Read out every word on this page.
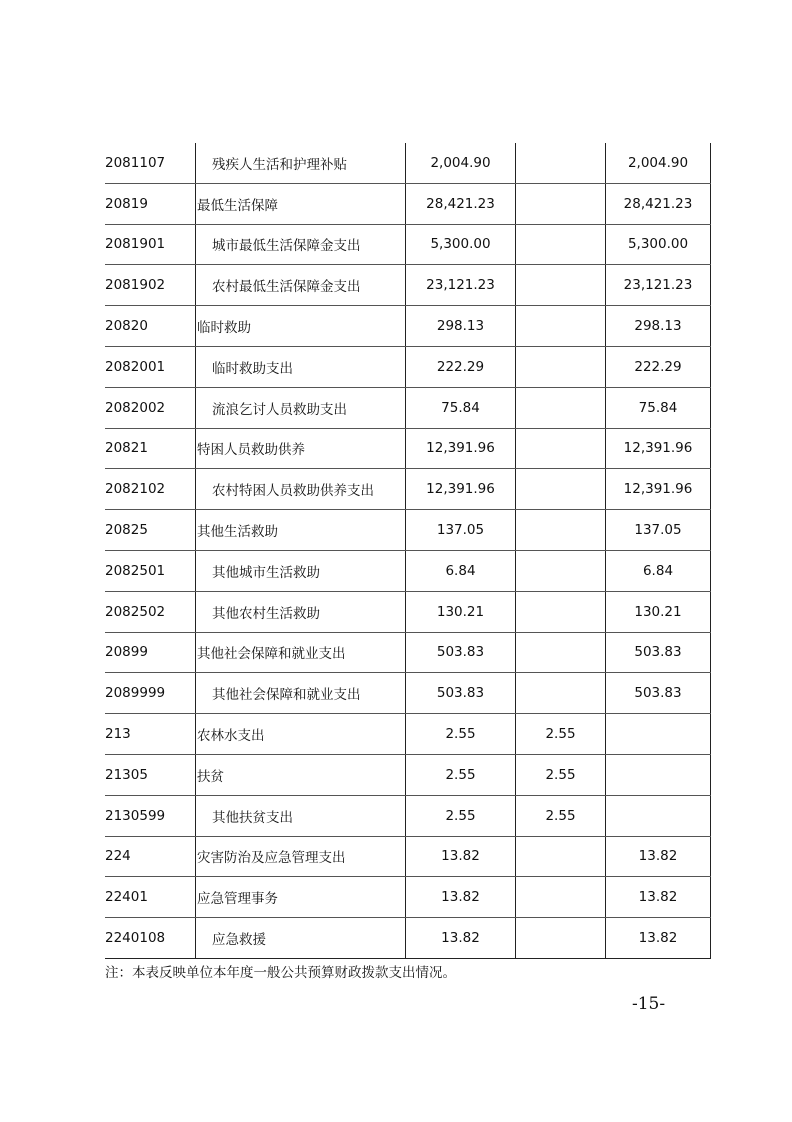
2081107	残疾人生活和护理补贴	2,004.90		2,004.90
20819	最低生活保障	28,421.23		28,421.23
2081901	城市最低生活保障金支出	5,300.00		5,300.00
2081902	农村最低生活保障金支出	23,121.23		23,121.23
20820	临时救助	298.13		298.13
2082001	临时救助支出	222.29		222.29
2082002	流浪乞讨人员救助支出	75.84		75.84
20821	特困人员救助供养	12,391.96		12,391.96
2082102	农村特困人员救助供养支出	12,391.96		12,391.96
20825	其他生活救助	137.05		137.05
2082501	其他城市生活救助	6.84		6.84
2082502	其他农村生活救助	130.21		130.21
20899	其他社会保障和就业支出	503.83		503.83
2089999	其他社会保障和就业支出	503.83		503.83
213	农林水支出	2.55	2.55	
21305	扶贫	2.55	2.55	
2130599	其他扶贫支出	2.55	2.55	
224	灾害防治及应急管理支出	13.82		13.82
22401	应急管理事务	13.82		13.82
2240108	应急救援	13.82		13.82

注：本表反映单位本年度一般公共预算财政拨款支出情况。

-15-
